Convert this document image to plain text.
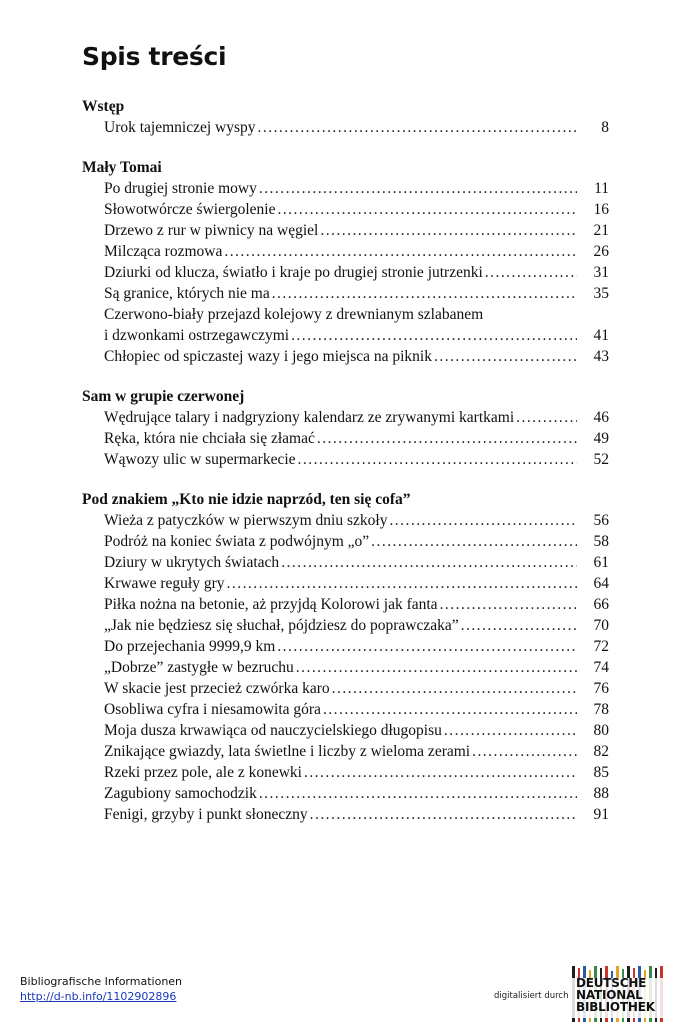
Spis treści
Wstęp
Urok tajemniczej wyspy . . .	8
Mały Tomai
Po drugiej stronie mowy . . .	11
Słowotwórcze świergolenie . . .	16
Drzewo z rur w piwnicy na węgiel . . .	21
Milcząca rozmowa . . .	26
Dziurki od klucza, światło i kraje po drugiej stronie jutrzenki . . .	31
Są granice, których nie ma . . .	35
Czerwono-biały przejazd kolejowy z drewnianym szlabanem
i dzwonkami ostrzegawczymi . . .	41
Chłopiec od spiczastej wazy i jego miejsca na piknik . . .	43
Sam w grupie czerwonej
Wędrujące talary i nadgryziony kalendarz ze zrywanymi kartkami . . .	46
Ręka, która nie chciała się złamać . . .	49
Wąwozy ulic w supermarkecie . . .	52
Pod znakiem „Kto nie idzie naprzód, ten się cofa”
Wieża z patyczków w pierwszym dniu szkoły . . .	56
Podróż na koniec świata z podwójnym „o” . . .	58
Dziury w ukrytych światach . . .	61
Krwawe reguły gry . . .	64
Piłka nożna na betonie, aż przyjdą Kolorowi jak fanta . . .	66
„Jak nie będziesz się słuchał, pójdziesz do poprawczaka” . . .	70
Do przejechania 9999,9 km . . .	72
„Dobrze” zastygłe w bezruchu . . .	74
W skacie jest przecież czwórka karo . . .	76
Osobliwa cyfra i niesamowita góra . . .	78
Moja dusza krwawiąca od nauczycielskiego długopisu . . .	80
Znikające gwiazdy, lata świetlne i liczby z wieloma zerami . . .	82
Rzeki przez pole, ale z konewki . . .	85
Zagubiony samochodzik . . .	88
Fenigi, grzyby i punkt słoneczny . . .	91
Bibliografische Informationen
http://d-nb.info/1102902896	digitalisiert durch
DEUTSCHE
NATIONAL
BIBLIOTHEK
